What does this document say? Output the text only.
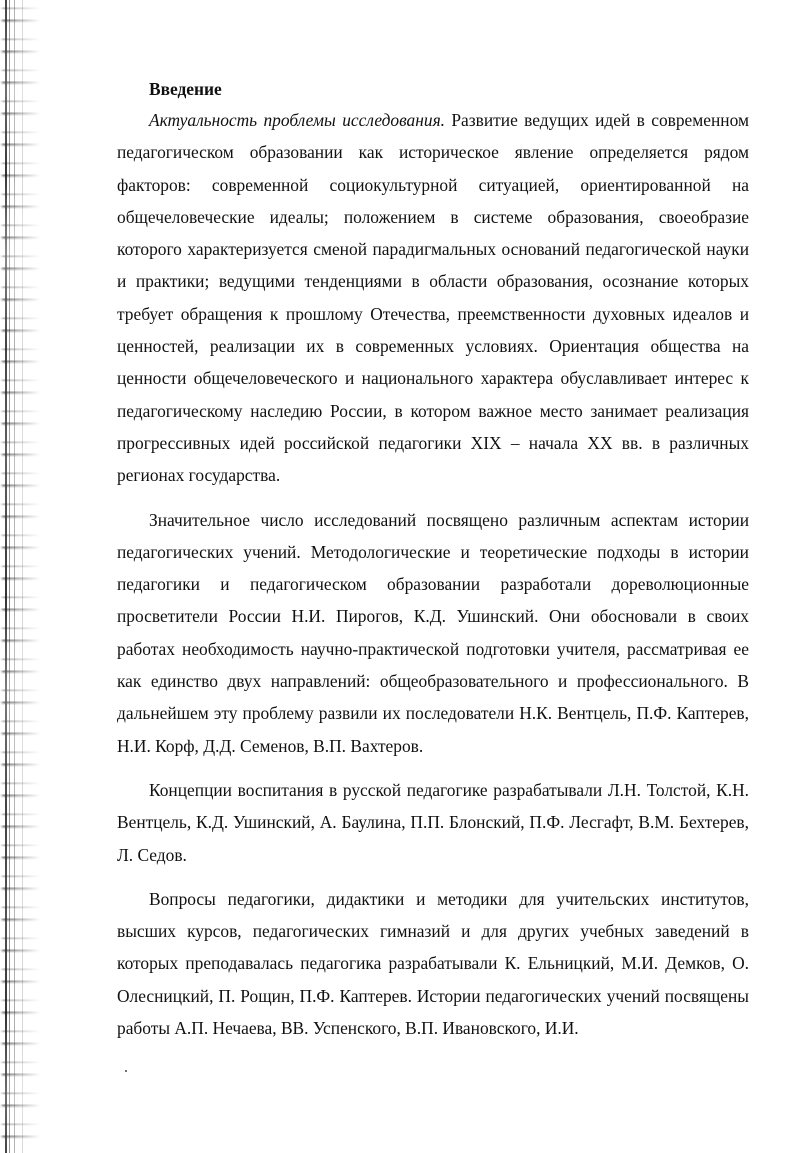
Введение

Актуальность проблемы исследования. Развитие ведущих идей в современном педагогическом образовании как историческое явление определяется рядом факторов: современной социокультурной ситуацией, ориентированной на общечеловеческие идеалы; положением в системе образования, своеобразие которого характеризуется сменой парадигмальных оснований педагогической науки и практики; ведущими тенденциями в области образования, осознание которых требует обращения к прошлому Отечества, преемственности духовных идеалов и ценностей, реализации их в современных условиях. Ориентация общества на ценности общечеловеческого и национального характера обуславливает интерес к педагогическому наследию России, в котором важное место занимает реализация прогрессивных идей российской педагогики XIX – начала XX вв. в различных регионах государства.

Значительное число исследований посвящено различным аспектам истории педагогических учений. Методологические и теоретические подходы в истории педагогики и педагогическом образовании разработали дореволюционные просветители России Н.И. Пирогов, К.Д. Ушинский. Они обосновали в своих работах необходимость научно-практической подготовки учителя, рассматривая ее как единство двух направлений: общеобразовательного и профессионального. В дальнейшем эту проблему развили их последователи Н.К. Вентцель, П.Ф. Каптерев, Н.И. Корф, Д.Д. Семенов, В.П. Вахтеров.

Концепции воспитания в русской педагогике разрабатывали Л.Н. Толстой, К.Н. Вентцель, К.Д. Ушинский, А. Баулина, П.П. Блонский, П.Ф. Лесгафт, В.М. Бехтерев, Л. Седов.

Вопросы педагогики, дидактики и методики для учительских институтов, высших курсов, педагогических гимназий и для других учебных заведений в которых преподавалась педагогика разрабатывали К. Ельницкий, М.И. Демков, О. Олесницкий, П. Рощин, П.Ф. Каптерев. Истории педагогических учений посвящены работы А.П. Нечаева, ВВ. Успенского, В.П. Ивановского, И.И.
